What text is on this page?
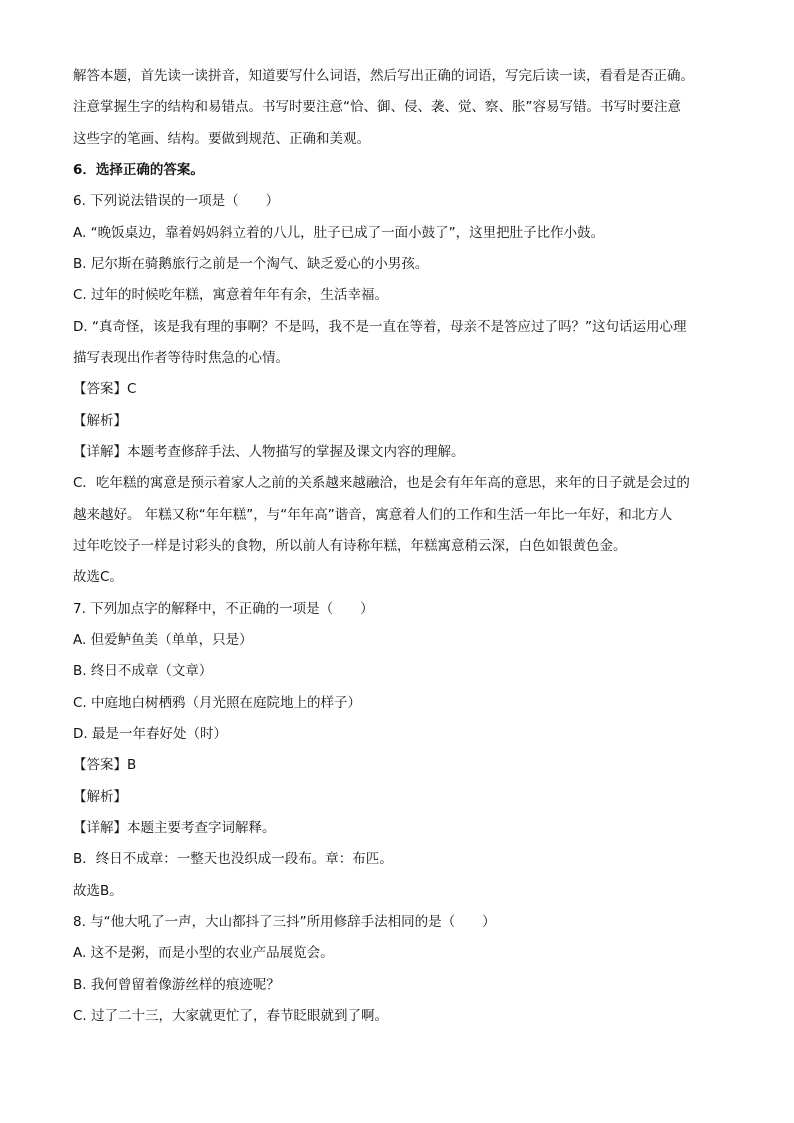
解答本题，首先读一读拼音，知道要写什么词语，然后写出正确的词语，写完后读一读，看看是否正确。
注意掌握生字的结构和易错点。书写时要注意“恰、御、侵、袭、觉、察、胀”容易写错。书写时要注意
这些字的笔画、结构。要做到规范、正确和美观。
6．选择正确的答案。
6. 下列说法错误的一项是（　　）
A. “晚饭桌边，靠着妈妈斜立着的八儿，肚子已成了一面小鼓了”，这里把肚子比作小鼓。
B. 尼尔斯在骑鹅旅行之前是一个淘气、缺乏爱心的小男孩。
C. 过年的时候吃年糕，寓意着年年有余，生活幸福。
D. “真奇怪，该是我有理的事啊？不是吗，我不是一直在等着，母亲不是答应过了吗？”这句话运用心理
描写表现出作者等待时焦急的心情。
【答案】C
【解析】
【详解】本题考查修辞手法、人物描写的掌握及课文内容的理解。
C．吃年糕的寓意是预示着家人之前的关系越来越融洽，也是会有年年高的意思，来年的日子就是会过的
越来越好。 年糕又称“年年糕”，与“年年高”谐音，寓意着人们的工作和生活一年比一年好，和北方人
过年吃饺子一样是讨彩头的食物，所以前人有诗称年糕，年糕寓意稍云深，白色如银黄色金。
故选C。
7. 下列加点字的解释中，不正确的一项是（　　）
A. 但爱鲈鱼美（单单，只是）
B. 终日不成章（文章）
C. 中庭地白树栖鸦（月光照在庭院地上的样子）
D. 最是一年春好处（时）
【答案】B
【解析】
【详解】本题主要考查字词解释。
B．终日不成章：一整天也没织成一段布。章：布匹。
故选B。
8. 与“他大吼了一声，大山都抖了三抖”所用修辞手法相同的是（　　）
A. 这不是粥，而是小型的农业产品展览会。
B. 我何曾留着像游丝样的痕迹呢？
C. 过了二十三，大家就更忙了，春节眨眼就到了啊。
